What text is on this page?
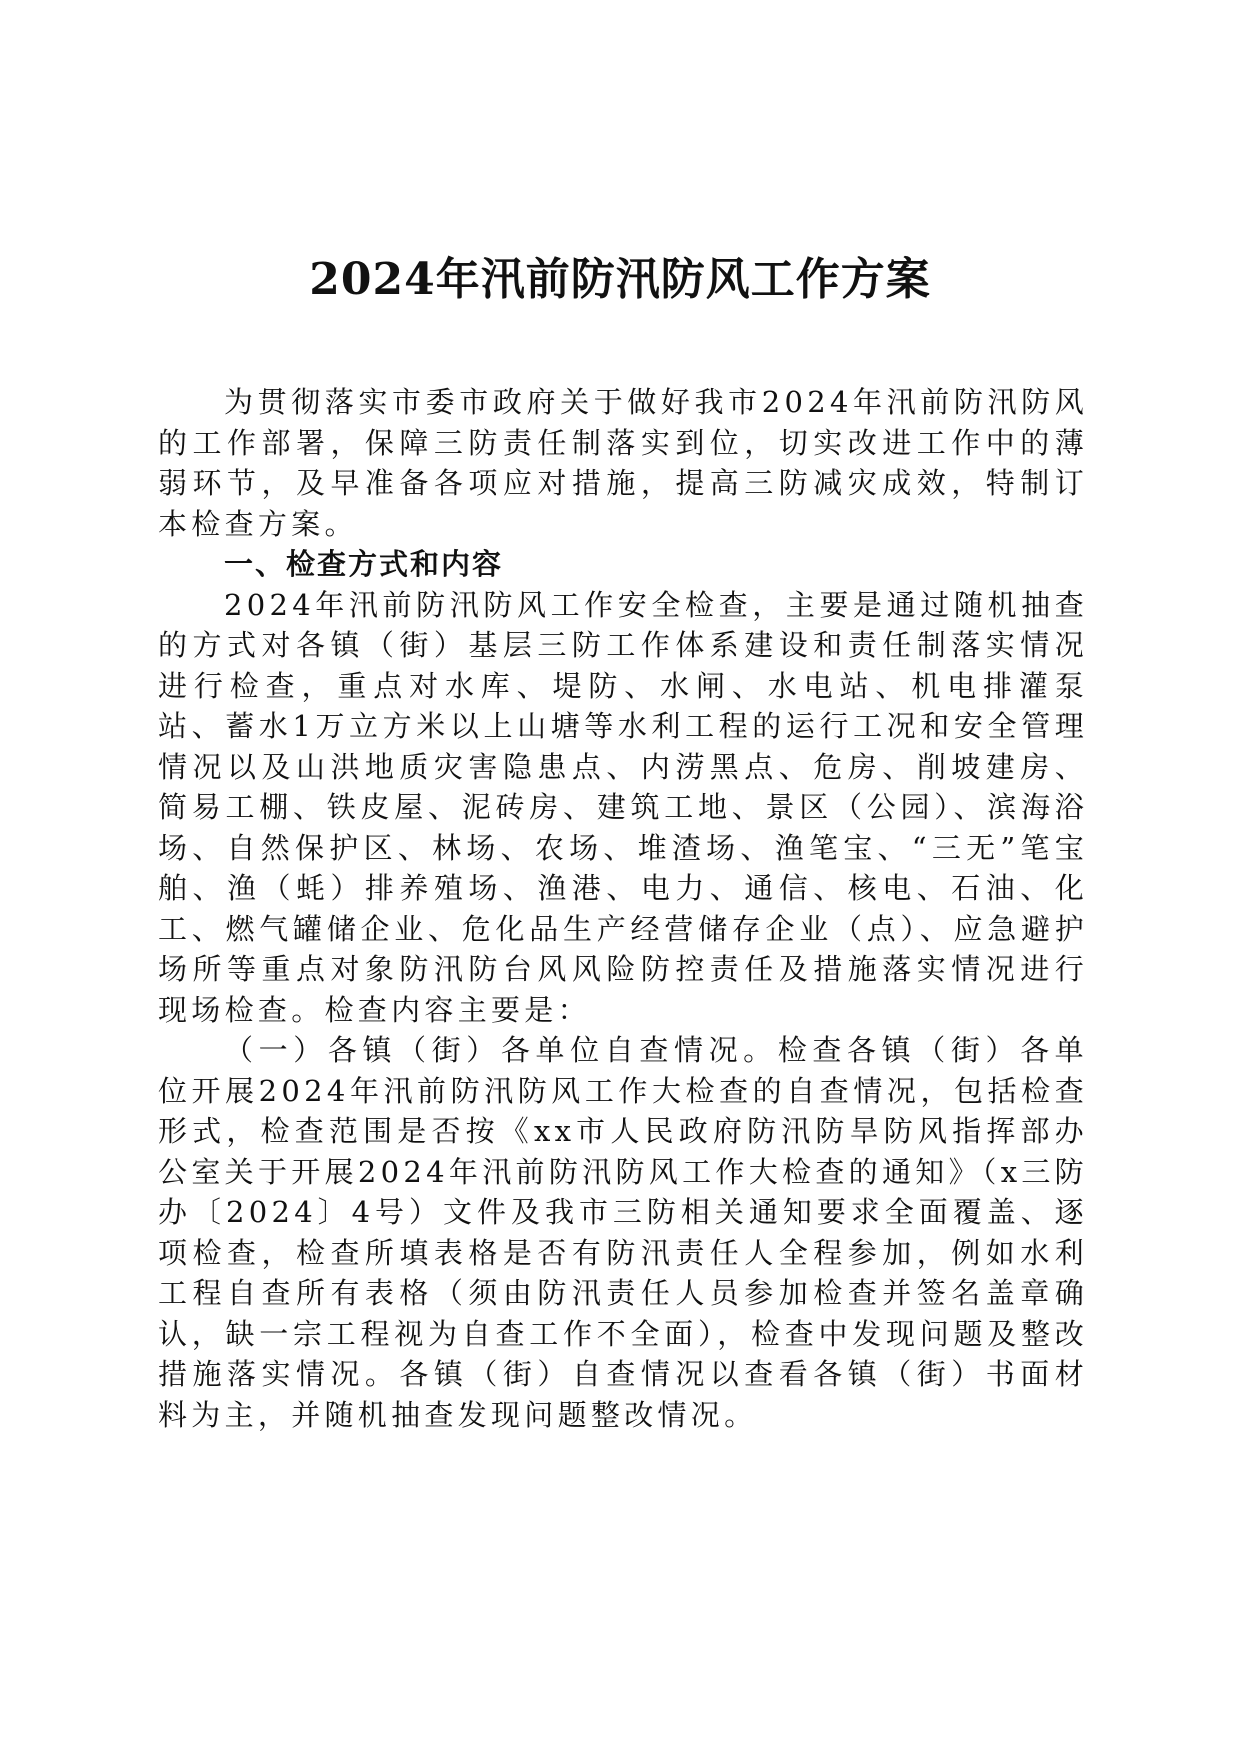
2024年汛前防汛防风工作方案

为贯彻落实市委市政府关于做好我市2024年汛前防汛防风的工作部署，保障三防责任制落实到位，切实改进工作中的薄弱环节，及早准备各项应对措施，提高三防减灾成效，特制订本检查方案。

一、检查方式和内容

2024年汛前防汛防风工作安全检查，主要是通过随机抽查的方式对各镇（街）基层三防工作体系建设和责任制落实情况进行检查，重点对水库、堤防、水闸、水电站、机电排灌泵站、蓄水1万立方米以上山塘等水利工程的运行工况和安全管理情况以及山洪地质灾害隐患点、内涝黑点、危房、削坡建房、简易工棚、铁皮屋、泥砖房、建筑工地、景区（公园）、滨海浴场、自然保护区、林场、农场、堆渣场、渔笔宝、“三无”笔宝舶、渔（蚝）排养殖场、渔港、电力、通信、核电、石油、化工、燃气罐储企业、危化品生产经营储存企业（点）、应急避护场所等重点对象防汛防台风风险防控责任及措施落实情况进行现场检查。检查内容主要是：

（一）各镇（街）各单位自查情况。检查各镇（街）各单位开展2024年汛前防汛防风工作大检查的自查情况，包括检查形式，检查范围是否按《xx市人民政府防汛防旱防风指挥部办公室关于开展2024年汛前防汛防风工作大检查的通知》（x三防办〔2024〕4号）文件及我市三防相关通知要求全面覆盖、逐项检查，检查所填表格是否有防汛责任人全程参加，例如水利工程自查所有表格（须由防汛责任人员参加检查并签名盖章确认，缺一宗工程视为自查工作不全面），检查中发现问题及整改措施落实情况。各镇（街）自查情况以查看各镇（街）书面材料为主，并随机抽查发现问题整改情况。
